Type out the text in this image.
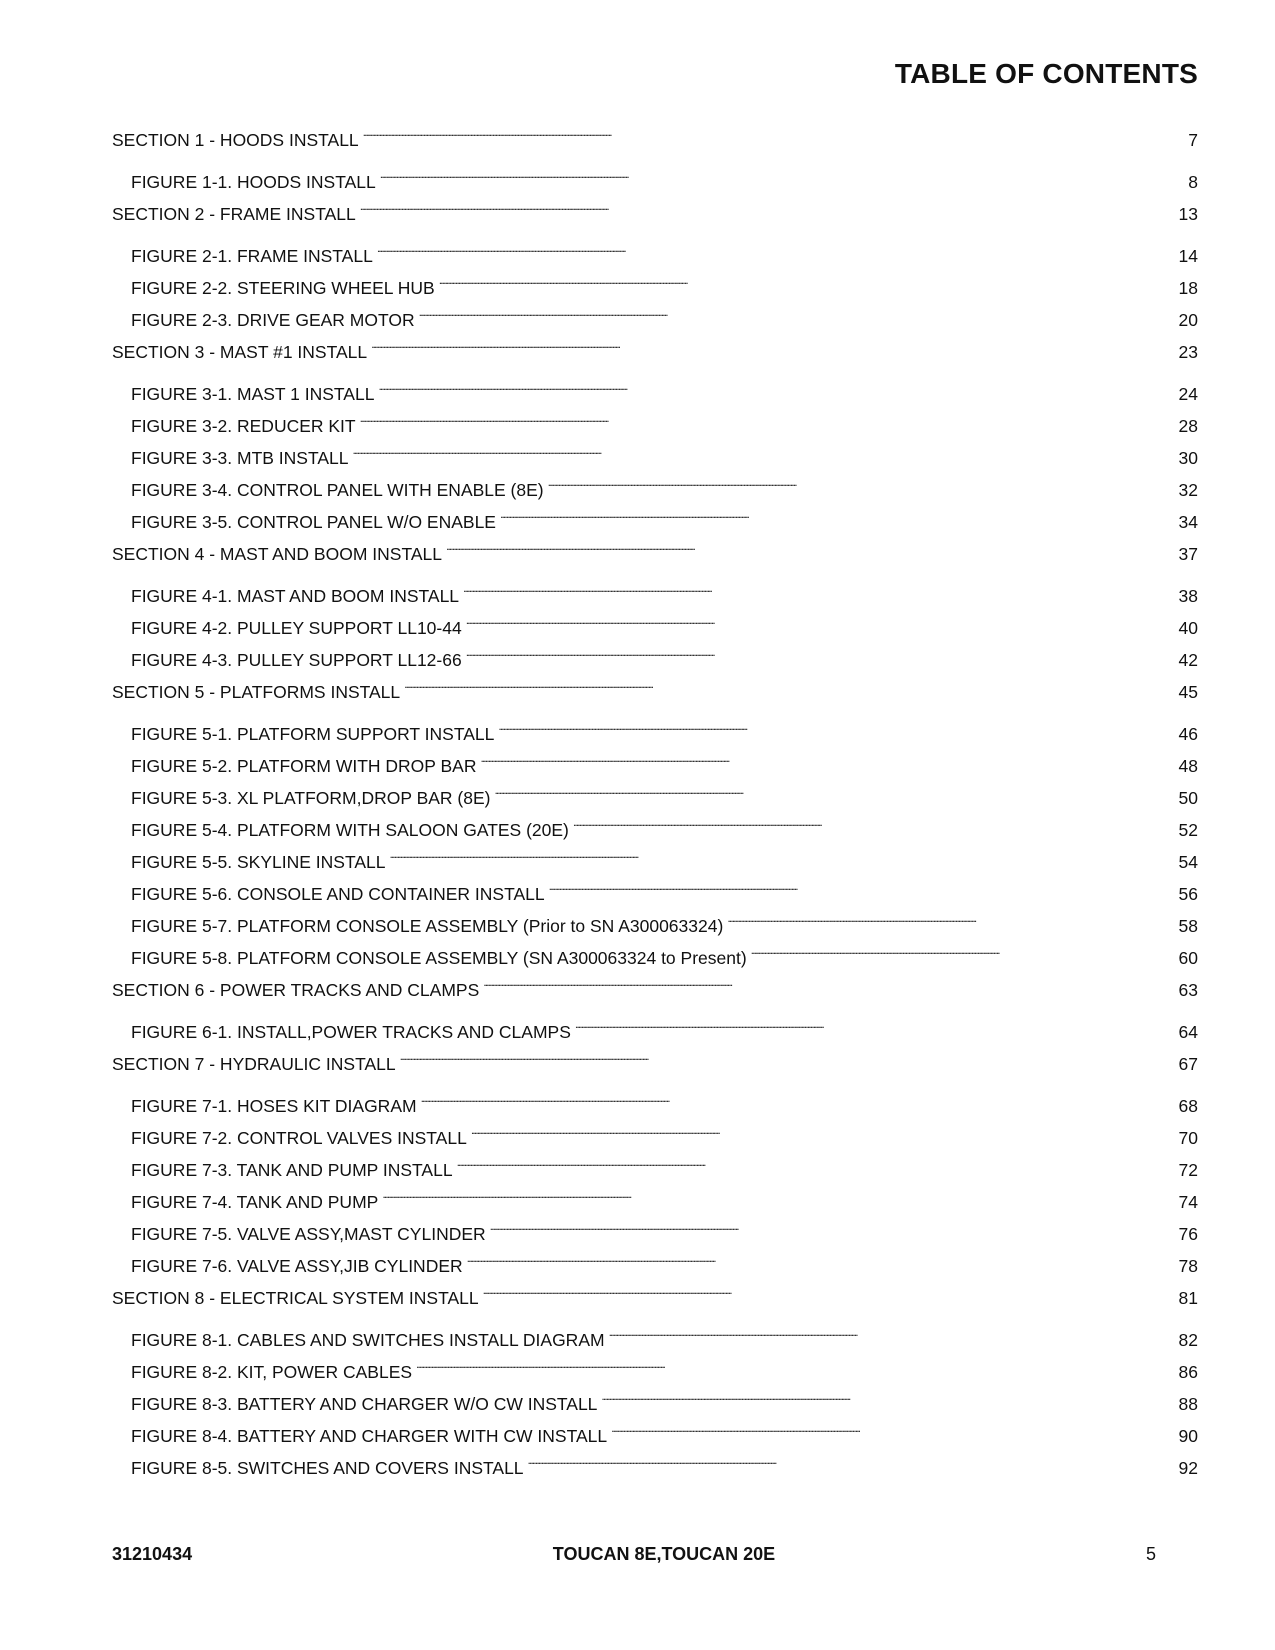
TABLE OF CONTENTS
SECTION 1 - HOODS INSTALL . . .	7
FIGURE 1-1. HOODS INSTALL . . .	8
SECTION 2 - FRAME INSTALL . . .	13
FIGURE 2-1. FRAME INSTALL . . .	14
FIGURE 2-2. STEERING WHEEL HUB . . .	18
FIGURE 2-3. DRIVE GEAR MOTOR . . .	20
SECTION 3 - MAST #1 INSTALL . . .	23
FIGURE 3-1. MAST 1 INSTALL . . .	24
FIGURE 3-2. REDUCER KIT . . .	28
FIGURE 3-3. MTB INSTALL . . .	30
FIGURE 3-4. CONTROL PANEL WITH ENABLE (8E) . . .	32
FIGURE 3-5. CONTROL PANEL W/O ENABLE . . .	34
SECTION 4 - MAST AND BOOM INSTALL . . .	37
FIGURE 4-1. MAST AND BOOM INSTALL . . .	38
FIGURE 4-2. PULLEY SUPPORT LL10-44 . . .	40
FIGURE 4-3. PULLEY SUPPORT LL12-66 . . .	42
SECTION 5 - PLATFORMS INSTALL . . .	45
FIGURE 5-1. PLATFORM SUPPORT INSTALL . . .	46
FIGURE 5-2. PLATFORM WITH DROP BAR . . .	48
FIGURE 5-3. XL PLATFORM,DROP BAR (8E) . . .	50
FIGURE 5-4. PLATFORM WITH SALOON GATES (20E) . . .	52
FIGURE 5-5. SKYLINE INSTALL . . .	54
FIGURE 5-6. CONSOLE AND CONTAINER INSTALL . . .	56
FIGURE 5-7. PLATFORM CONSOLE ASSEMBLY (Prior to SN A300063324) . . .	58
FIGURE 5-8. PLATFORM CONSOLE ASSEMBLY (SN A300063324 to Present) . . .	60
SECTION 6 - POWER TRACKS AND CLAMPS . . .	63
FIGURE 6-1. INSTALL,POWER TRACKS AND CLAMPS . . .	64
SECTION 7 - HYDRAULIC INSTALL . . .	67
FIGURE 7-1. HOSES KIT DIAGRAM . . .	68
FIGURE 7-2. CONTROL VALVES INSTALL . . .	70
FIGURE 7-3. TANK AND PUMP INSTALL . . .	72
FIGURE 7-4. TANK AND PUMP . . .	74
FIGURE 7-5. VALVE ASSY,MAST CYLINDER . . .	76
FIGURE 7-6. VALVE ASSY,JIB CYLINDER . . .	78
SECTION 8 - ELECTRICAL SYSTEM INSTALL . . .	81
FIGURE 8-1. CABLES AND SWITCHES INSTALL DIAGRAM . . .	82
FIGURE 8-2. KIT, POWER CABLES . . .	86
FIGURE 8-3. BATTERY AND CHARGER W/O CW INSTALL . . .	88
FIGURE 8-4. BATTERY AND CHARGER WITH CW INSTALL . . .	90
FIGURE 8-5. SWITCHES AND COVERS INSTALL . . .	92
31210434	TOUCAN 8E,TOUCAN 20E	5
